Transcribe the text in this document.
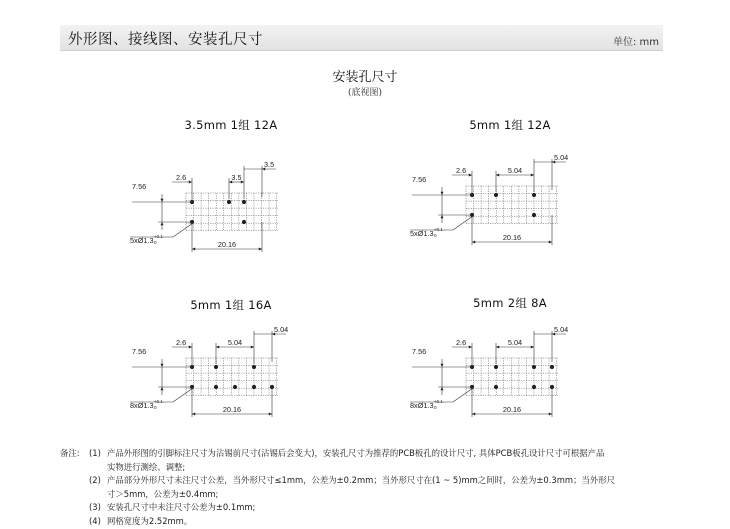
外形图、接线图、安装孔尺寸	单位: mm
安装孔尺寸
(底视图)
3.5mm 1组 12A	5mm 1组 12A
5mm 1组 16A	5mm 2组 8A
2.6	3.5
3.5
7.56
20.16
5xØ1.3 +0.1
0
2.6	5.04
5.04
7.56
20.16
5xØ1.3 +0.1
0
2.6	5.04
5.04
7.56
20.16
8xØ1.3 +0.1
0
2.6	5.04
5.04
7.56
20.16
8xØ1.3 +0.1
0
备注: (1) 产品外形图的引脚标注尺寸为沾锡前尺寸(沾锡后会变大)，安装孔尺寸为推荐的PCB板孔的设计尺寸, 具体PCB板孔设计尺寸可根据产品
实物进行测绘、调整;
(2) 产品部分外形尺寸未注尺寸公差，当外形尺寸≤1mm，公差为±0.2mm；当外形尺寸在(1 ~ 5)mm之间时，公差为±0.3mm；当外形尺
寸＞5mm，公差为±0.4mm;
(3) 安装孔尺寸中未注尺寸公差为±0.1mm;
(4) 网格宽度为2.52mm。
